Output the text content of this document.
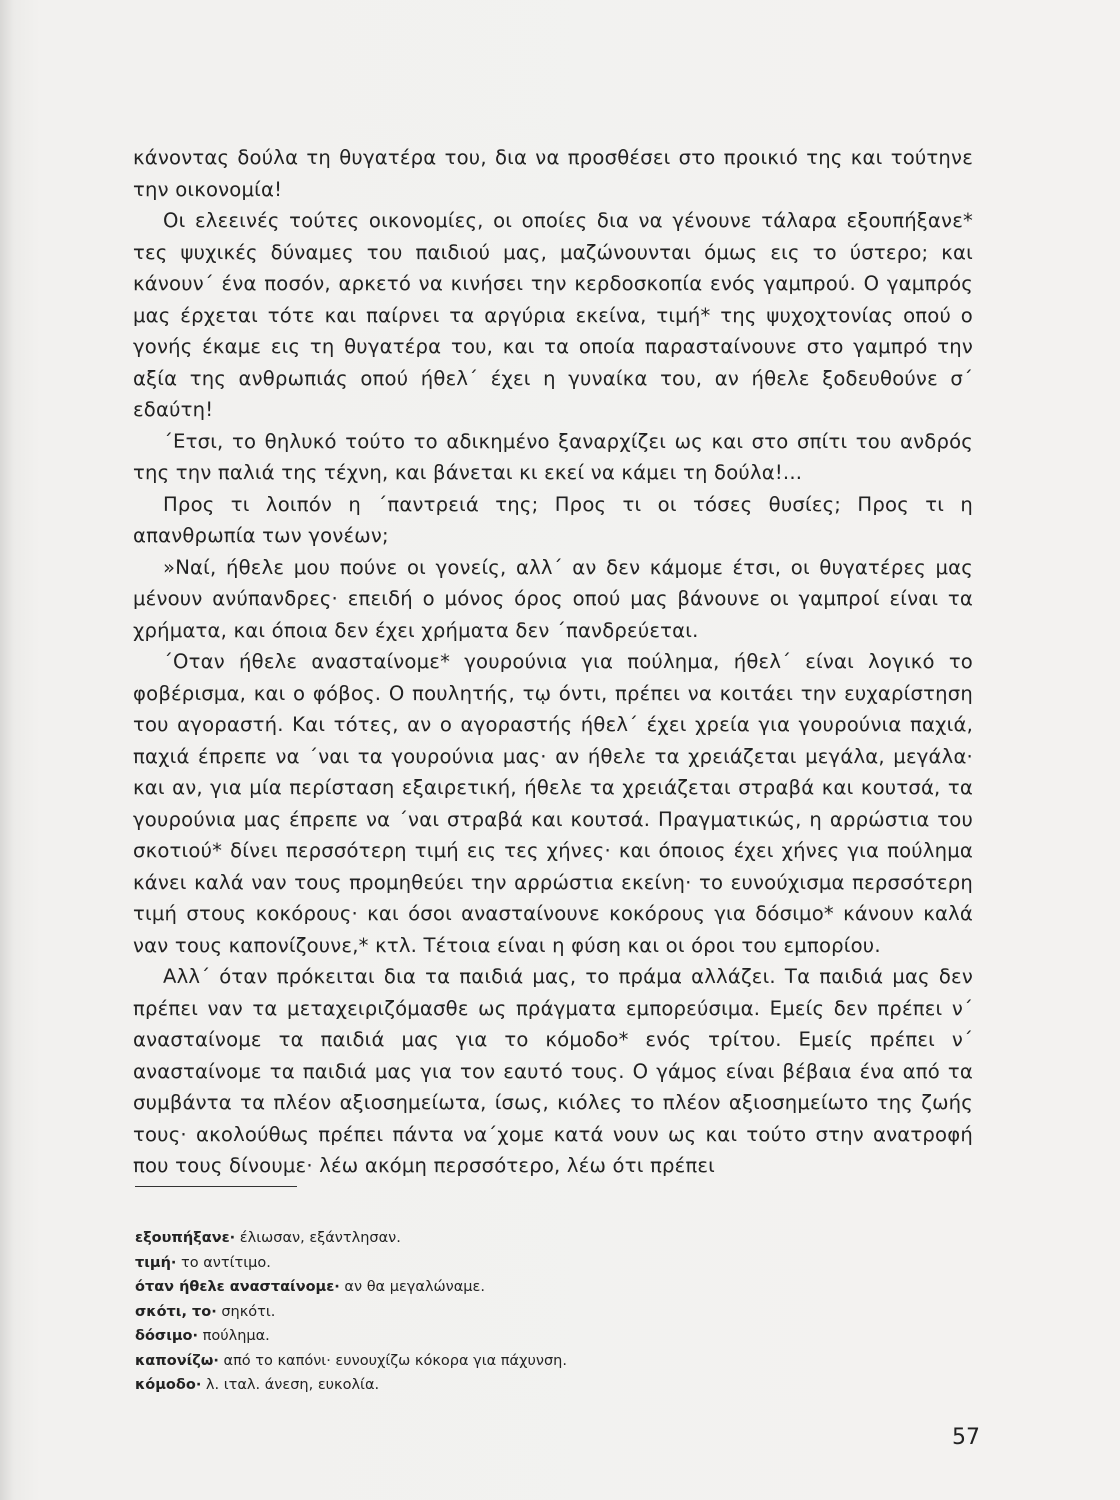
κάνοντας δούλα τη θυγατέρα του, δια να προσθέσει στο προικιό της και τούτηνε την οικονομία!

Οι ελεεινές τούτες οικονομίες, οι οποίες δια να γένουνε τάλαρα εξουπήξανε* τες ψυχικές δύναμες του παιδιού μας, μαζώνουνται όμως εις το ύστερο; και κάνουν΄ ένα ποσόν, αρκετό να κινήσει την κερδοσκοπία ενός γαμπρού. Ο γαμπρός μας έρχεται τότε και παίρνει τα αργύρια εκείνα, τιμή* της ψυχοχτονίας οπού ο γονής έκαμε εις τη θυγατέρα του, και τα οποία παρασταίνουνε στο γαμπρό την αξία της ανθρωπιάς οπού ήθελ΄ έχει η γυναίκα του, αν ήθελε ξοδευθούνε σ΄ εδαύτη!

΄Ετσι, το θηλυκό τούτο το αδικημένο ξαναρχίζει ως και στο σπίτι του ανδρός της την παλιά της τέχνη, και βάνεται κι εκεί να κάμει τη δούλα!...

Προς τι λοιπόν η ΄παντρειά της; Προς τι οι τόσες θυσίες; Προς τι η απανθρωπία των γονέων;

»Ναί, ήθελε μου πούνε οι γονείς, αλλ΄ αν δεν κάμομε έτσι, οι θυγατέρες μας μένουν ανύπανδρες· επειδή ο μόνος όρος οπού μας βάνουνε οι γαμπροί είναι τα χρήματα, και όποια δεν έχει χρήματα δεν ΄πανδρεύεται.

΄Οταν ήθελε ανασταίνομε* γουρούνια για πούλημα, ήθελ΄ είναι λογικό το φοβέρισμα, και ο φόβος. Ο πουλητής, τῳ όντι, πρέπει να κοιτάει την ευχαρίστηση του αγοραστή. Και τότες, αν ο αγοραστής ήθελ΄ έχει χρεία για γουρούνια παχιά, παχιά έπρεπε να ΄ναι τα γουρούνια μας· αν ήθελε τα χρειάζεται μεγάλα, μεγάλα· και αν, για μία περίσταση εξαιρετική, ήθελε τα χρειάζεται στραβά και κουτσά, τα γουρούνια μας έπρεπε να ΄ναι στραβά και κουτσά. Πραγματικώς, η αρρώστια του σκοτιού* δίνει περσσότερη τιμή εις τες χήνες· και όποιος έχει χήνες για πούλημα κάνει καλά ναν τους προμηθεύει την αρρώστια εκείνη· το ευνούχισμα περσσότερη τιμή στους κοκόρους· και όσοι ανασταίνουνε κοκόρους για δόσιμο* κάνουν καλά ναν τους καπονίζουνε,* κτλ. Τέτοια είναι η φύση και οι όροι του εμπορίου.

Αλλ΄ όταν πρόκειται δια τα παιδιά μας, το πράμα αλλάζει. Τα παιδιά μας δεν πρέπει ναν τα μεταχειριζόμασθε ως πράγματα εμπορεύσιμα. Εμείς δεν πρέπει ν΄ ανασταίνομε τα παιδιά μας για το κόμοδο* ενός τρίτου. Εμείς πρέπει ν΄ ανασταίνομε τα παιδιά μας για τον εαυτό τους. Ο γάμος είναι βέβαια ένα από τα συμβάντα τα πλέον αξιοσημείωτα, ίσως, κιόλες το πλέον αξιοσημείωτο της ζωής τους· ακολούθως πρέπει πάντα να΄χομε κατά νουν ως και τούτο στην ανατροφή που τους δίνουμε· λέω ακόμη περσσότερο, λέω ότι πρέπει

εξουπήξανε· έλιωσαν, εξάντλησαν.
τιμή· το αντίτιμο.
όταν ήθελε ανασταίνομε· αν θα μεγαλώναμε.
σκότι, το· σηκότι.
δόσιμο· πούλημα.
καπονίζω· από το καπόνι· ευνουχίζω κόκορα για πάχυνση.
κόμοδο· λ. ιταλ. άνεση, ευκολία.
57
